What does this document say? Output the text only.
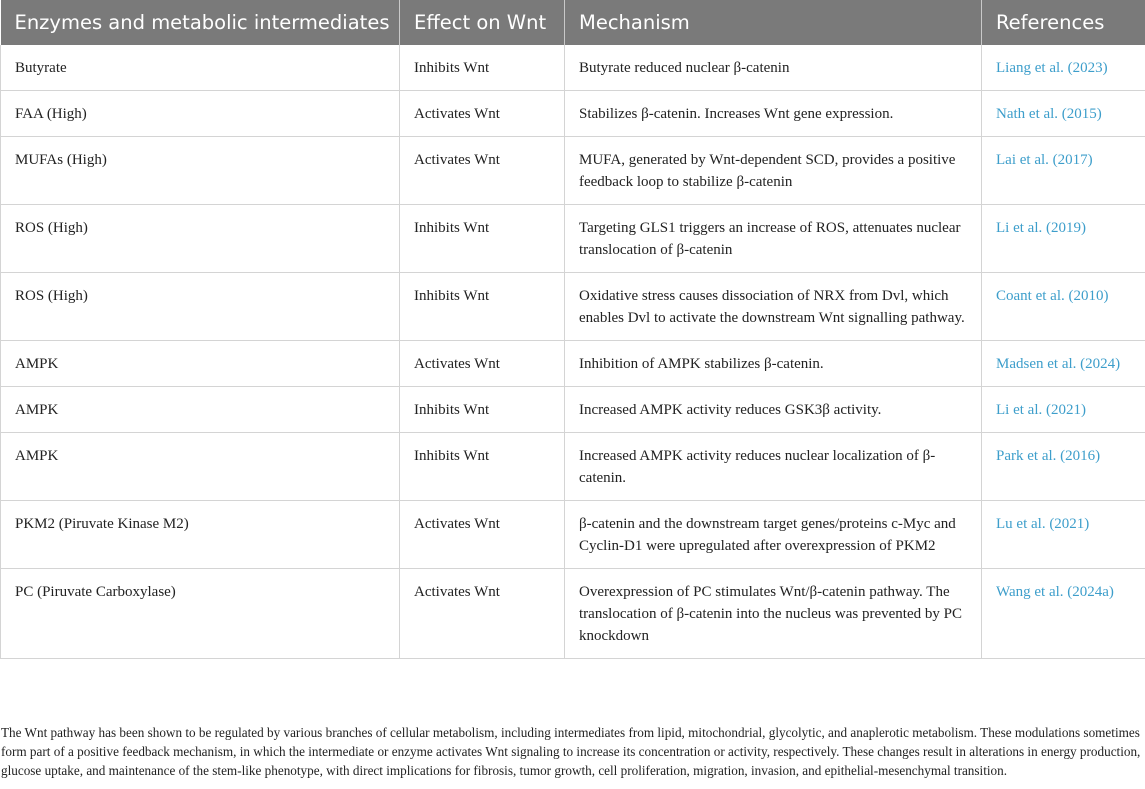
Enzymes and metabolic intermediates	Effect on Wnt	Mechanism	References
Butyrate	Inhibits Wnt	Butyrate reduced nuclear β-catenin	Liang et al. (2023)
FAA (High)	Activates Wnt	Stabilizes β-catenin. Increases Wnt gene expression.	Nath et al. (2015)
MUFAs (High)	Activates Wnt	MUFA, generated by Wnt-dependent SCD, provides a positive feedback loop to stabilize β-catenin	Lai et al. (2017)
ROS (High)	Inhibits Wnt	Targeting GLS1 triggers an increase of ROS, attenuates nuclear translocation of β-catenin	Li et al. (2019)
ROS (High)	Inhibits Wnt	Oxidative stress causes dissociation of NRX from Dvl, which enables Dvl to activate the downstream Wnt signalling pathway.	Coant et al. (2010)
AMPK	Activates Wnt	Inhibition of AMPK stabilizes β-catenin.	Madsen et al. (2024)
AMPK	Inhibits Wnt	Increased AMPK activity reduces GSK3β activity.	Li et al. (2021)
AMPK	Inhibits Wnt	Increased AMPK activity reduces nuclear localization of β-catenin.	Park et al. (2016)
PKM2 (Piruvate Kinase M2)	Activates Wnt	β-catenin and the downstream target genes/proteins c-Myc and Cyclin-D1 were upregulated after overexpression of PKM2	Lu et al. (2021)
PC (Piruvate Carboxylase)	Activates Wnt	Overexpression of PC stimulates Wnt/β-catenin pathway. The translocation of β-catenin into the nucleus was prevented by PC knockdown	Wang et al. (2024a)

The Wnt pathway has been shown to be regulated by various branches of cellular metabolism, including intermediates from lipid, mitochondrial, glycolytic, and anaplerotic metabolism. These modulations sometimes form part of a positive feedback mechanism, in which the intermediate or enzyme activates Wnt signaling to increase its concentration or activity, respectively. These changes result in alterations in energy production, glucose uptake, and maintenance of the stem-like phenotype, with direct implications for fibrosis, tumor growth, cell proliferation, migration, invasion, and epithelial-mesenchymal transition.
